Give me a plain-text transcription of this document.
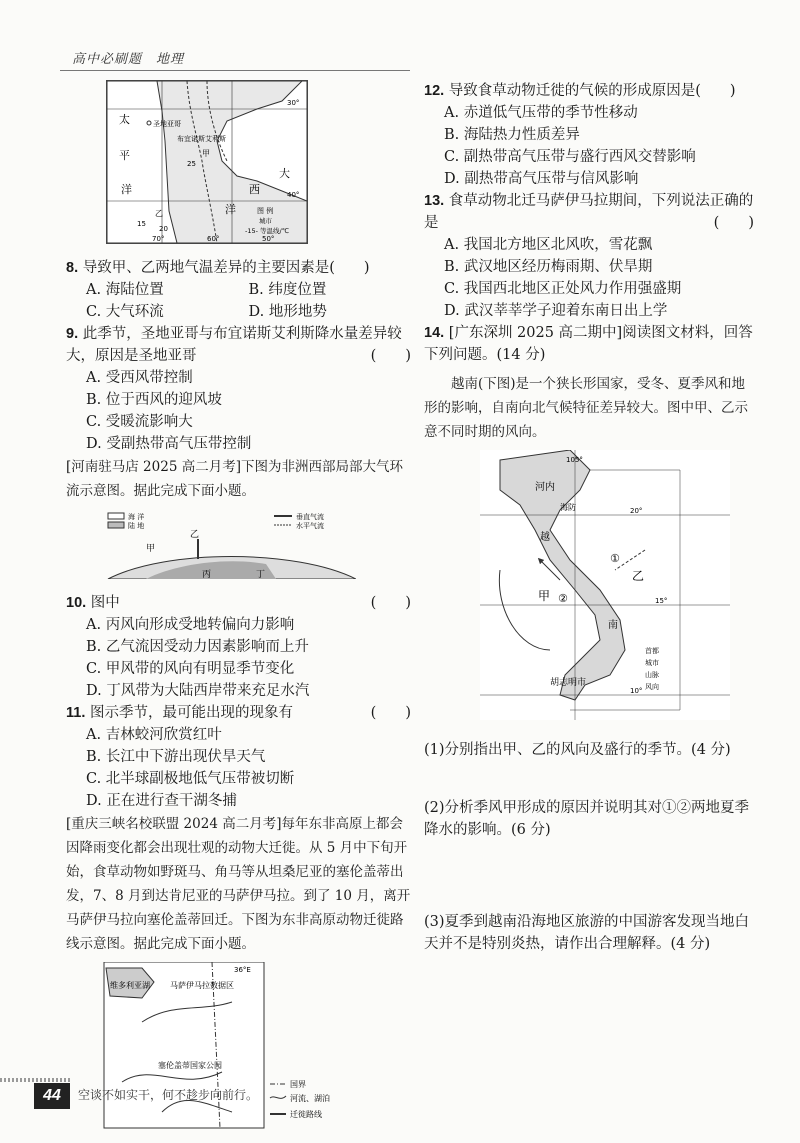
高中必刷题　地理
太
平
洋
大
西
洋
圣地亚哥
布宜诺斯艾利斯
甲
乙
25
20
15
30°
40°
70°	60°	50°
图 例
城市
-15- 等温线/℃
8. 导致甲、乙两地气温差异的主要因素是(　　)
A. 海陆位置	B. 纬度位置
C. 大气环流	D. 地形地势
9. 此季节，圣地亚哥与布宜诺斯艾利斯降水量差异较大，原因是圣地亚哥	(　　)
A. 受西风带控制
B. 位于西风的迎风坡
C. 受暖流影响大
D. 受副热带高气压带控制
[河南驻马店 2025 高二月考]下图为非洲西部局部大气环流示意图。据此完成下面小题。
海 洋
陆 地
垂直气流
水平气流
甲
乙
丙	丁
10. 图中	(　　)
A. 丙风向形成受地转偏向力影响
B. 乙气流因受动力因素影响而上升
C. 甲风带的风向有明显季节变化
D. 丁风带为大陆西岸带来充足水汽
11. 图示季节，最可能出现的现象有	(　　)
A. 吉林蛟河欣赏红叶
B. 长江中下游出现伏旱天气
C. 北半球副极地低气压带被切断
D. 正在进行查干湖冬捕
[重庆三峡名校联盟 2024 高二月考]每年东非高原上都会因降雨变化都会出现壮观的动物大迁徙。从 5 月中下旬开始，食草动物如野斑马、角马等从坦桑尼亚的塞伦盖蒂出发，7、8 月到达肯尼亚的马萨伊马拉。到了 10 月，离开马萨伊马拉向塞伦盖蒂回迁。下图为东非高原动物迁徙路线示意图。据此完成下面小题。
维多利亚湖	马萨伊马拉数据区
塞伦盖蒂国家公园
36°E
国界
河流、湖泊
迁徙路线
12. 导致食草动物迁徙的气候的形成原因是(　　)
A. 赤道低气压带的季节性移动
B. 海陆热力性质差异
C. 副热带高气压带与盛行西风交替影响
D. 副热带高气压带与信风影响
13. 食草动物北迁马萨伊马拉期间，下列说法正确的是	(　　)
A. 我国北方地区北风吹，雪花飘
B. 武汉地区经历梅雨期、伏旱期
C. 我国西北地区正处风力作用强盛期
D. 武汉莘莘学子迎着东南日出上学
14. [广东深圳 2025 高二期中]阅读图文材料，回答下列问题。(14 分)
越南(下图)是一个狭长形国家，受冬、夏季风和地形的影响，自南向北气候特征差异较大。图中甲、乙示意不同时期的风向。
河内
海防
胡志明市
甲
乙
①
②
越
南
105°
20°
15°
10°
首都
城市
山脉
风向
(1)分别指出甲、乙的风向及盛行的季节。(4 分)
(2)分析季风甲形成的原因并说明其对①②两地夏季降水的影响。(6 分)
(3)夏季到越南沿海地区旅游的中国游客发现当地白天并不是特别炎热，请作出合理解释。(4 分)
44	空谈不如实干，何不趁步向前行。
